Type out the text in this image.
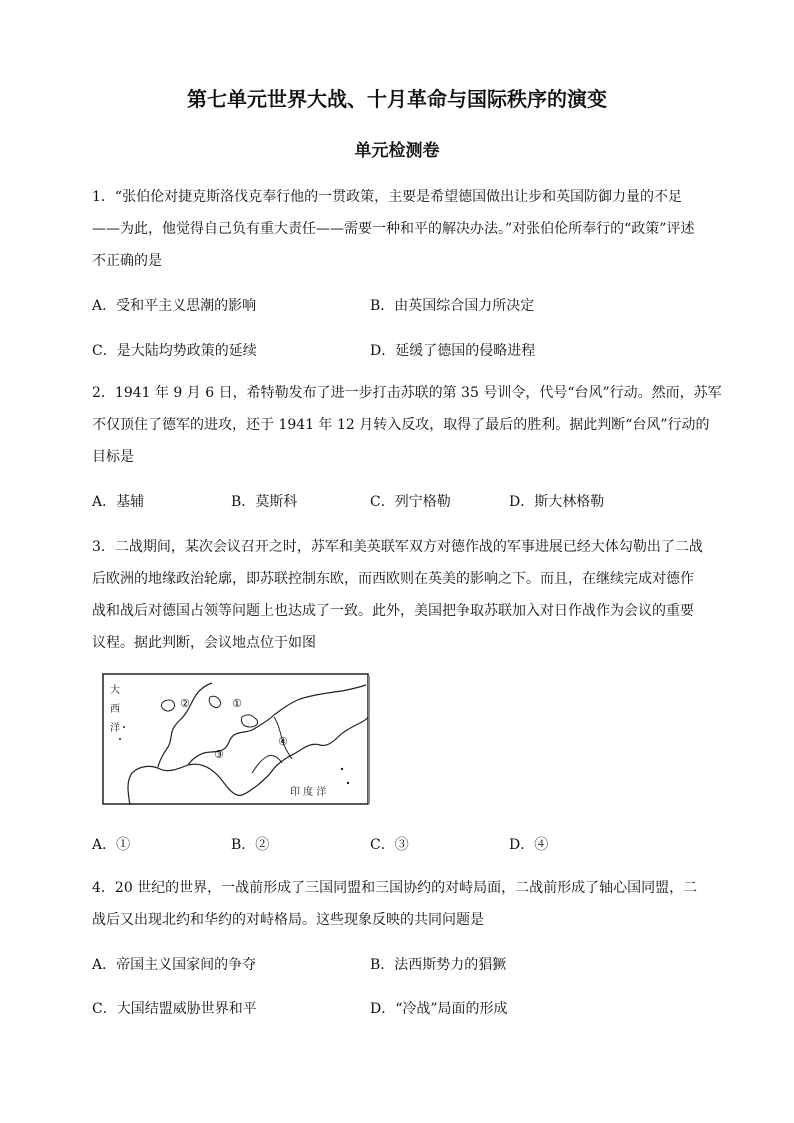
第七单元世界大战、十月革命与国际秩序的演变
单元检测卷
1．“张伯伦对捷克斯洛伐克奉行他的一贯政策，主要是希望德国做出让步和英国防御力量的不足
——为此，他觉得自己负有重大责任——需要一种和平的解决办法。”对张伯伦所奉行的“政策”评述
不正确的是
A．受和平主义思潮的影响	B．由英国综合国力所决定
C．是大陆均势政策的延续	D．延缓了德国的侵略进程
2．1941 年 9 月 6 日，希特勒发布了进一步打击苏联的第 35 号训令，代号“台风”行动。然而，苏军
不仅顶住了德军的进攻，还于 1941 年 12 月转入反攻，取得了最后的胜利。据此判断“台风”行动的
目标是
A．基辅	B．莫斯科	C．列宁格勒	D．斯大林格勒
3．二战期间，某次会议召开之时，苏军和美英联军双方对德作战的军事进展已经大体勾勒出了二战
后欧洲的地缘政治轮廓，即苏联控制东欧，而西欧则在英美的影响之下。而且，在继续完成对德作
战和战后对德国占领等问题上也达成了一致。此外，美国把争取苏联加入对日作战作为会议的重要
议程。据此判断，会议地点位于如图
大
西
洋
①
②
③
④
印 度 洋
A．①	B．②	C．③	D．④
4．20 世纪的世界，一战前形成了三国同盟和三国协约的对峙局面，二战前形成了轴心国同盟，二
战后又出现北约和华约的对峙格局。这些现象反映的共同问题是
A．帝国主义国家间的争夺	B．法西斯势力的猖獗
C．大国结盟威胁世界和平	D．“冷战”局面的形成
